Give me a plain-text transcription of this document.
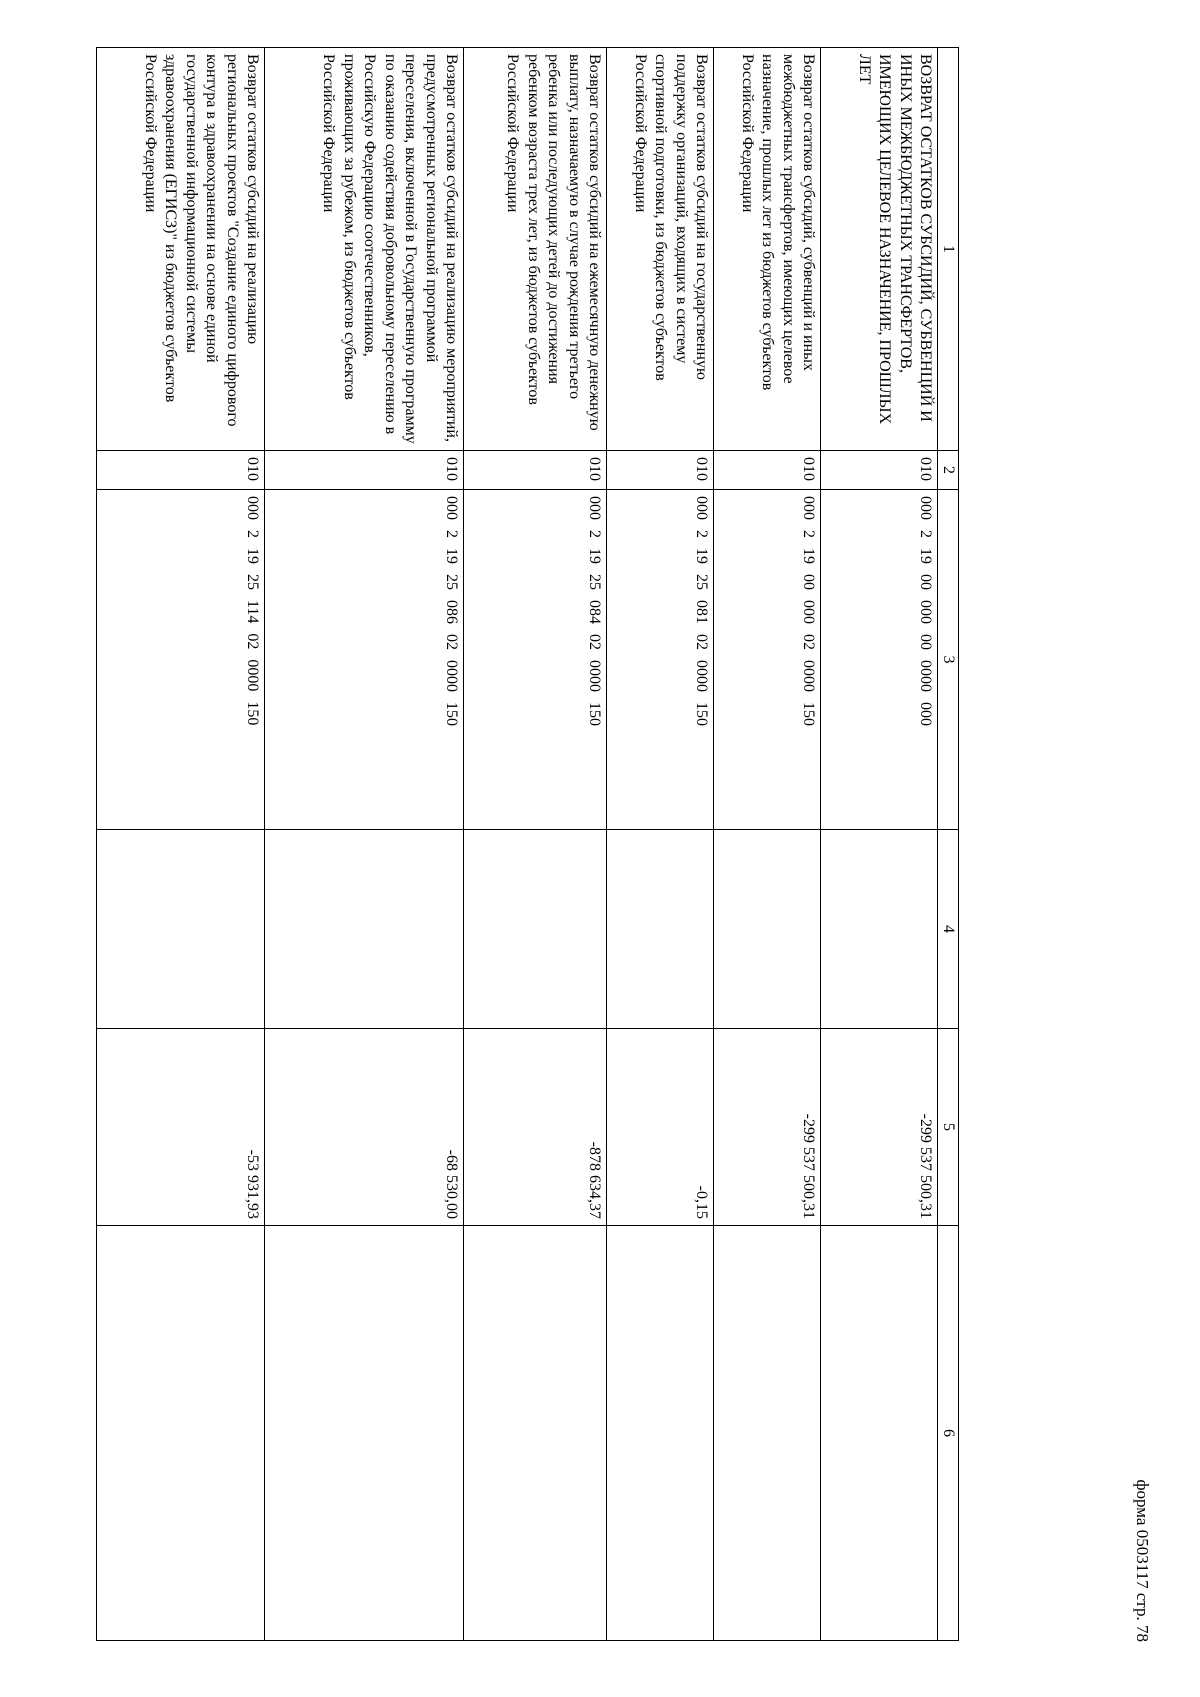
форма 0503117 стр. 78
1	2	3	4	5	6
ВОЗВРАТ ОСТАТКОВ СУБСИДИЙ, СУБВЕНЦИЙ И ИНЫХ МЕЖБЮДЖЕТНЫХ ТРАНСФЕРТОВ, ИМЕЮЩИХ ЦЕЛЕВОЕ НАЗНАЧЕНИЕ, ПРОШЛЫХ ЛЕТ	010	000 2 19 00 000 00 0000 000		-299 537 500,31	
Возврат остатков субсидий, субвенций и иных межбюджетных трансфертов, имеющих целевое назначение, прошлых лет из бюджетов субъектов Российской Федерации	010	000 2 19 00 000 02 0000 150		-299 537 500,31	
Возврат остатков субсидий на государственную поддержку организаций, входящих в систему спортивной подготовки, из бюджетов субъектов Российской Федерации	010	000 2 19 25 081 02 0000 150		-0,15	
Возврат остатков субсидий на ежемесячную денежную выплату, назначаемую в случае рождения третьего ребенка или последующих детей до достижения ребенком возраста трех лет, из бюджетов субъектов Российской Федерации	010	000 2 19 25 084 02 0000 150		-878 634,37	
Возврат остатков субсидий на реализацию мероприятий, предусмотренных региональной программой переселения, включенной в Государственную программу по оказанию содействия добровольному переселению в Российскую Федерацию соотечественников, проживающих за рубежом, из бюджетов субъектов Российской Федерации	010	000 2 19 25 086 02 0000 150		-68 530,00	
Возврат остатков субсидий на реализацию региональных проектов "Создание единого цифрового контура в здравоохранении на основе единой государственной информационной системы здравоохранения (ЕГИСЗ)" из бюджетов субъектов Российской Федерации	010	000 2 19 25 114 02 0000 150		-53 931,93	
